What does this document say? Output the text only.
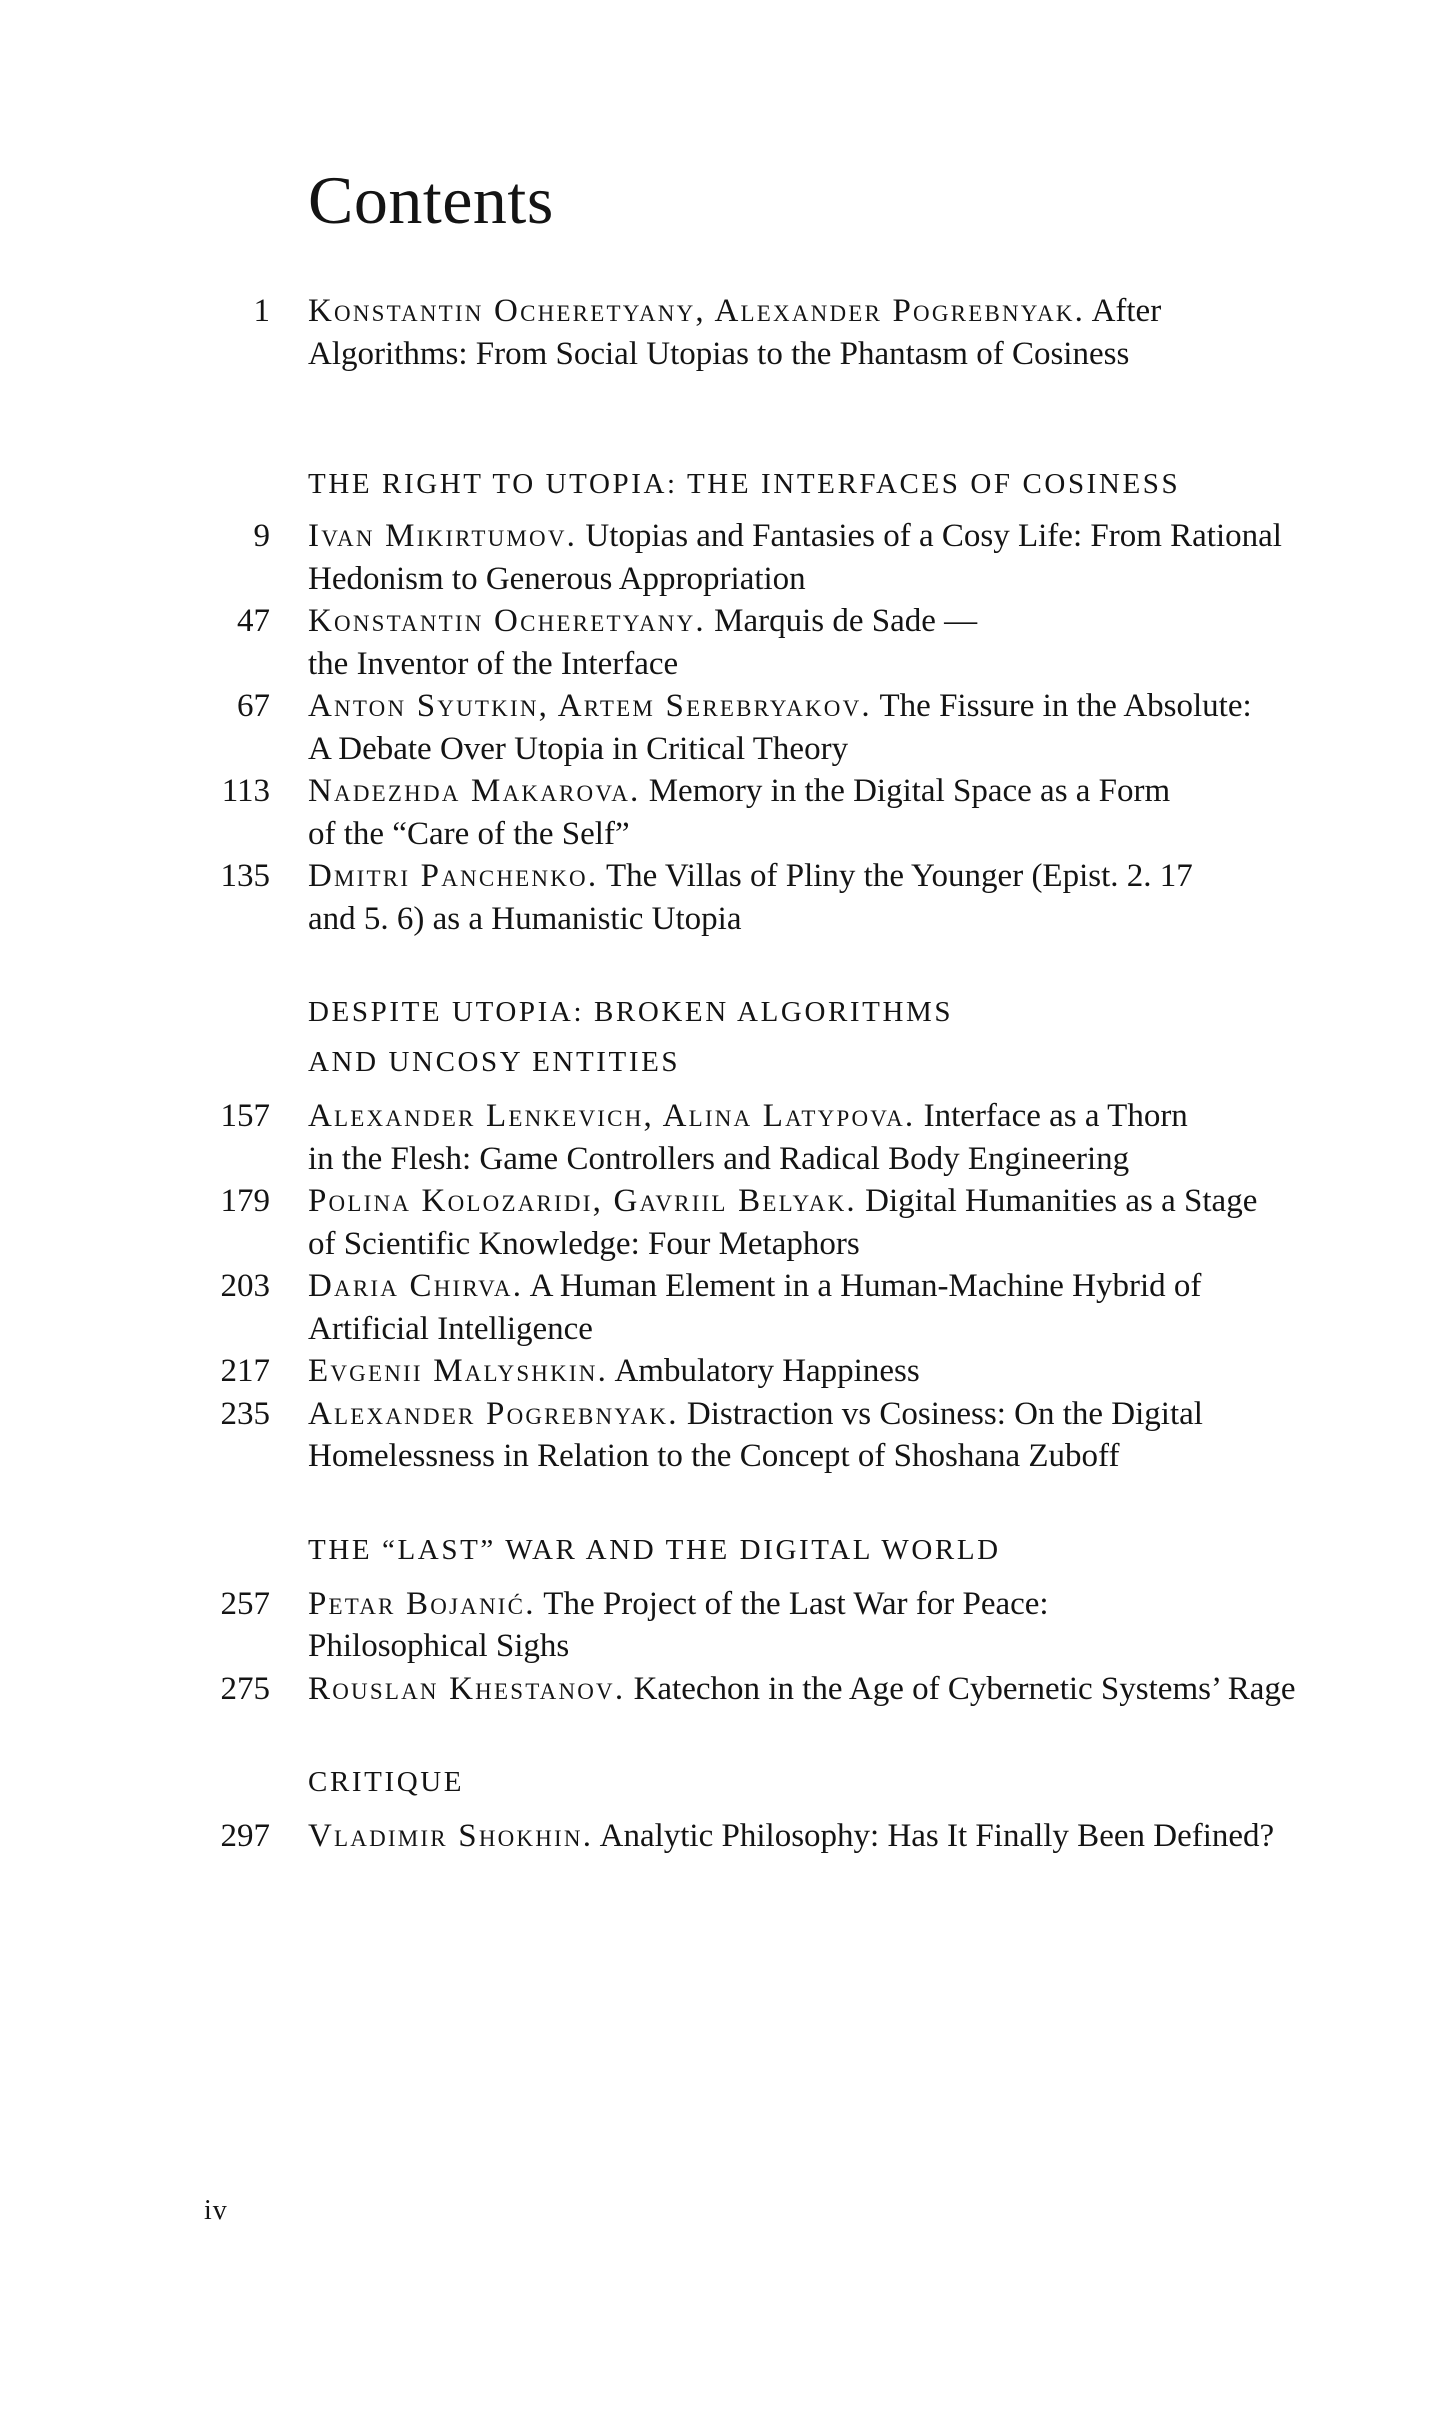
Contents
1 Konstantin Ocheretyany, Alexander Pogrebnyak. After
Algorithms: From Social Utopias to the Phantasm of Cosiness
THE RIGHT TO UTOPIA: THE INTERFACES OF COSINESS
9 Ivan Mikirtumov. Utopias and Fantasies of a Cosy Life: From Rational
Hedonism to Generous Appropriation
47 Konstantin Ocheretyany. Marquis de Sade —
the Inventor of the Interface
67 Anton Syutkin, Artem Serebryakov. The Fissure in the Absolute:
A Debate Over Utopia in Critical Theory
113 Nadezhda Makarova. Memory in the Digital Space as a Form
of the “Care of the Self”
135 Dmitri Panchenko. The Villas of Pliny the Younger (Epist. 2. 17
and 5. 6) as a Humanistic Utopia
DESPITE UTOPIA: BROKEN ALGORITHMS
AND UNCOSY ENTITIES
157 Alexander Lenkevich, Alina Latypova. Interface as a Thorn
in the Flesh: Game Controllers and Radical Body Engineering
179 Polina Kolozaridi, Gavriil Belyak. Digital Humanities as a Stage
of Scientific Knowledge: Four Metaphors
203 Daria Chirva. A Human Element in a Human-Machine Hybrid of
Artificial Intelligence
217 Evgenii Malyshkin. Ambulatory Happiness
235 Alexander Pogrebnyak. Distraction vs Cosiness: On the Digital
Homelessness in Relation to the Concept of Shoshana Zuboff
THE “LAST” WAR AND THE DIGITAL WORLD
257 Petar Bojanić. The Project of the Last War for Peace:
Philosophical Sighs
275 Rouslan Khestanov. Katechon in the Age of Cybernetic Systems’ Rage
CRITIQUE
297 Vladimir Shokhin. Analytic Philosophy: Has It Finally Been Defined?
iv
